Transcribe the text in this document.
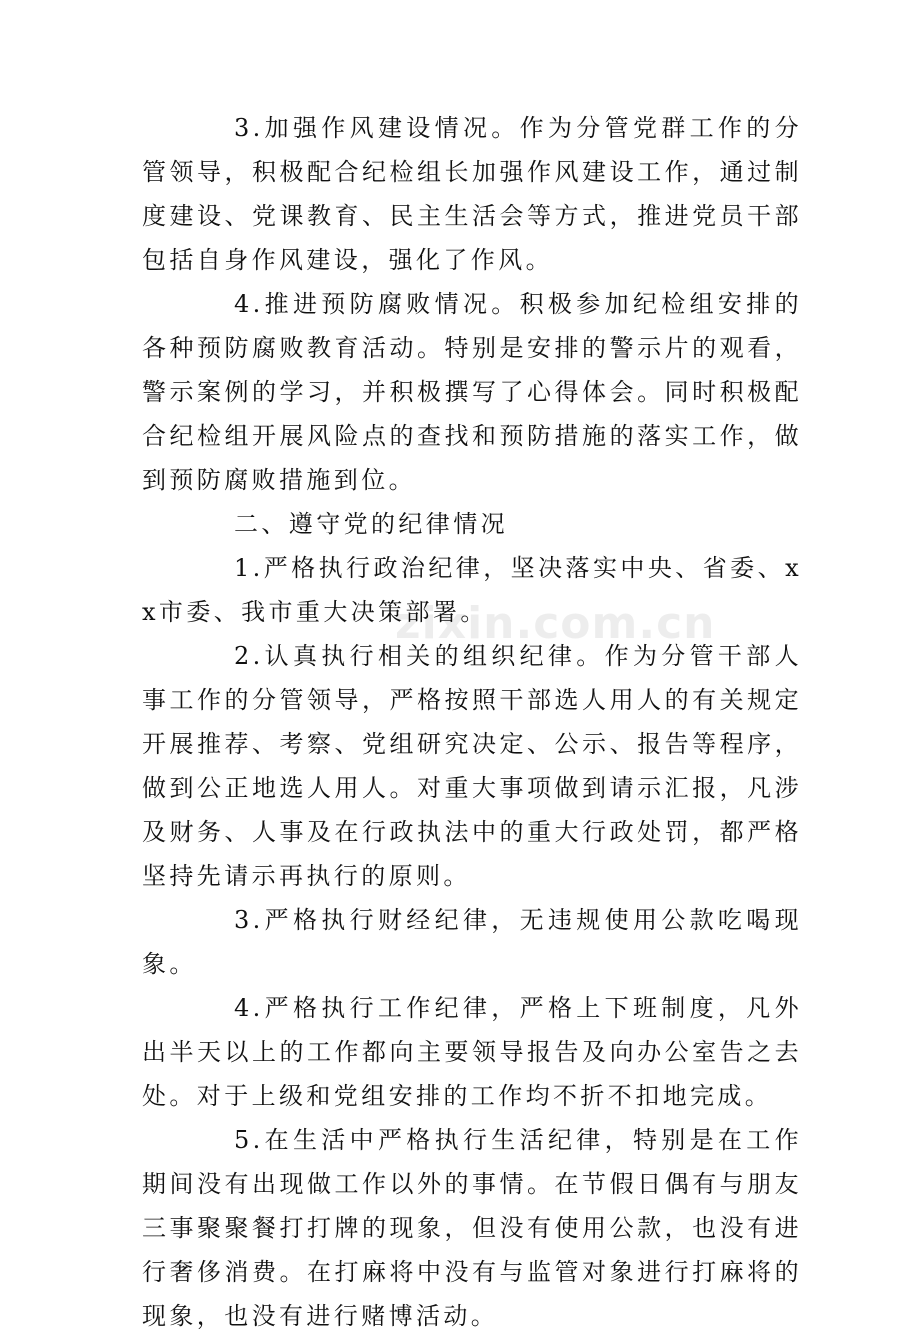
3.加强作风建设情况。作为分管党群工作的分管领导，积极配合纪检组长加强作风建设工作，通过制度建设、党课教育、民主生活会等方式，推进党员干部包括自身作风建设，强化了作风。

4.推进预防腐败情况。积极参加纪检组安排的各种预防腐败教育活动。特别是安排的警示片的观看，警示案例的学习，并积极撰写了心得体会。同时积极配合纪检组开展风险点的查找和预防措施的落实工作，做到预防腐败措施到位。

二、遵守党的纪律情况

1.严格执行政治纪律，坚决落实中央、省委、xx市委、我市重大决策部署。

2.认真执行相关的组织纪律。作为分管干部人事工作的分管领导，严格按照干部选人用人的有关规定开展推荐、考察、党组研究决定、公示、报告等程序，做到公正地选人用人。对重大事项做到请示汇报，凡涉及财务、人事及在行政执法中的重大行政处罚，都严格坚持先请示再执行的原则。

3.严格执行财经纪律，无违规使用公款吃喝现象。

4.严格执行工作纪律，严格上下班制度，凡外出半天以上的工作都向主要领导报告及向办公室告之去处。对于上级和党组安排的工作均不折不扣地完成。

5.在生活中严格执行生活纪律，特别是在工作期间没有出现做工作以外的事情。在节假日偶有与朋友三事聚聚餐打打牌的现象，但没有使用公款，也没有进行奢侈消费。在打麻将中没有与监管对象进行打麻将的现象，也没有进行赌博活动。

zixin.com.cn
